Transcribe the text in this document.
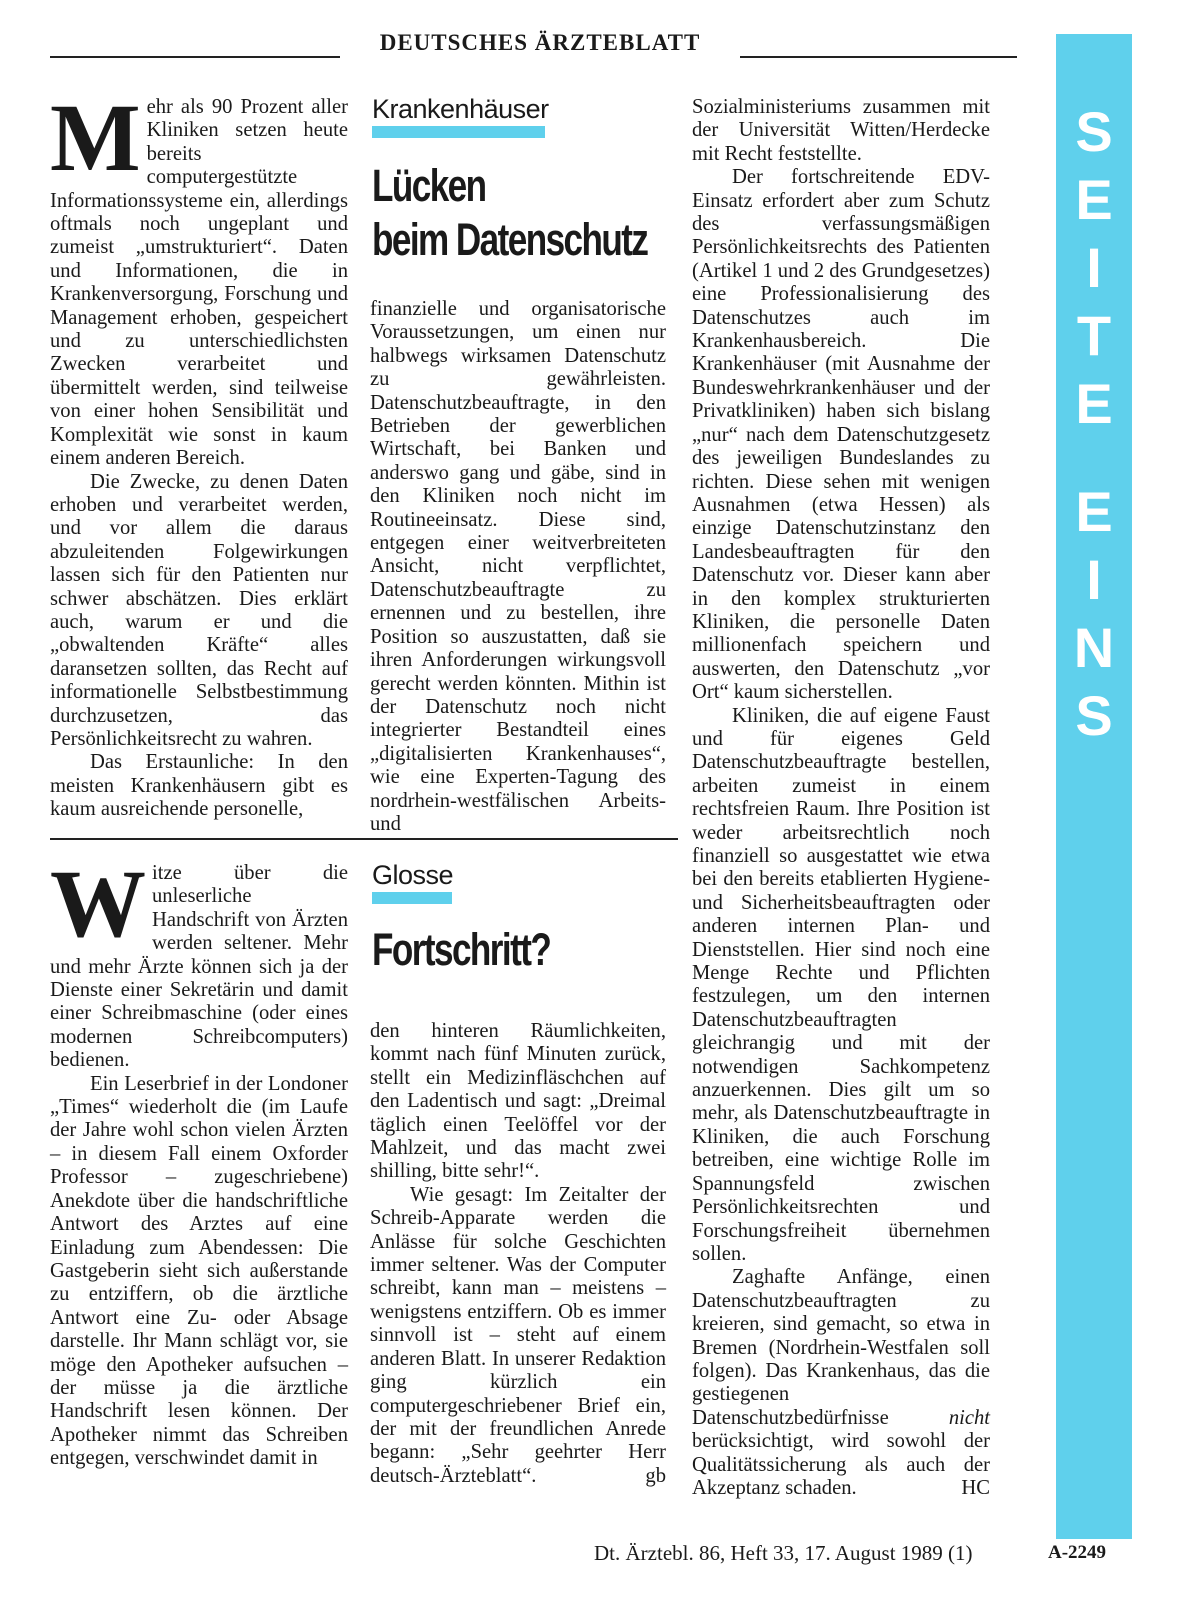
DEUTSCHES ÄRZTEBLATT
S
E
I
T
E
E
I
N
S
Krankenhäuser
Lücken
beim Datenschutz
M ehr als 90 Prozent aller Kliniken setzen heute bereits computergestützte Informationssysteme ein, allerdings oftmals noch ungeplant und zumeist „umstrukturiert“. Daten und Informationen, die in Krankenversorgung, Forschung und Management erhoben, gespeichert und zu unterschiedlichsten Zwecken verarbeitet und übermittelt werden, sind teilweise von einer hohen Sensibilität und Komplexität wie sonst in kaum einem anderen Bereich.

Die Zwecke, zu denen Daten erhoben und verarbeitet werden, und vor allem die daraus abzuleitenden Folgewirkungen lassen sich für den Patienten nur schwer abschätzen. Dies erklärt auch, warum er und die „obwaltenden Kräfte“ alles daransetzen sollten, das Recht auf informationelle Selbstbestimmung durchzusetzen, das Persönlichkeitsrecht zu wahren.

Das Erstaunliche: In den meisten Krankenhäusern gibt es kaum ausreichende personelle,

finanzielle und organisatorische Voraussetzungen, um einen nur halbwegs wirksamen Datenschutz zu gewährleisten. Datenschutzbeauftragte, in den Betrieben der gewerblichen Wirtschaft, bei Banken und anderswo gang und gäbe, sind in den Kliniken noch nicht im Routineeinsatz. Diese sind, entgegen einer weitverbreiteten Ansicht, nicht verpflichtet, Datenschutzbeauftragte zu ernennen und zu bestellen, ihre Position so auszustatten, daß sie ihren Anforderungen wirkungsvoll gerecht werden könnten. Mithin ist der Datenschutz noch nicht integrierter Bestandteil eines „digitalisierten Krankenhauses“, wie eine Experten-Tagung des nordrhein-westfälischen Arbeits- und

Sozialministeriums zusammen mit der Universität Witten/Herdecke mit Recht feststellte.

Der fortschreitende EDV-Einsatz erfordert aber zum Schutz des verfassungsmäßigen Persönlichkeitsrechts des Patienten (Artikel 1 und 2 des Grundgesetzes) eine Professionalisierung des Datenschutzes auch im Krankenhausbereich. Die Krankenhäuser (mit Ausnahme der Bundeswehrkrankenhäuser und der Privatkliniken) haben sich bislang „nur“ nach dem Datenschutzgesetz des jeweiligen Bundeslandes zu richten. Diese sehen mit wenigen Ausnahmen (etwa Hessen) als einzige Datenschutzinstanz den Landesbeauftragten für den Datenschutz vor. Dieser kann aber in den komplex strukturierten Kliniken, die personelle Daten millionenfach speichern und auswerten, den Datenschutz „vor Ort“ kaum sicherstellen.

Kliniken, die auf eigene Faust und für eigenes Geld Datenschutzbeauftragte bestellen, arbeiten zumeist in einem rechtsfreien Raum. Ihre Position ist weder arbeitsrechtlich noch finanziell so ausgestattet wie etwa bei den bereits etablierten Hygiene- und Sicherheitsbeauftragten oder anderen internen Plan- und Dienststellen. Hier sind noch eine Menge Rechte und Pflichten festzulegen, um den internen Datenschutzbeauftragten gleichrangig und mit der notwendigen Sachkompetenz anzuerkennen. Dies gilt um so mehr, als Datenschutzbeauftragte in Kliniken, die auch Forschung betreiben, eine wichtige Rolle im Spannungsfeld zwischen Persönlichkeitsrechten und Forschungsfreiheit übernehmen sollen.

Zaghafte Anfänge, einen Datenschutzbeauftragten zu kreieren, sind gemacht, so etwa in Bremen (Nordrhein-Westfalen soll folgen). Das Krankenhaus, das die gestiegenen Datenschutzbedürfnisse	nicht berücksichtigt, wird sowohl der Qualitätssicherung als auch der Akzeptanz schaden.	HC

Glosse
Fortschritt?
W itze über die unleserliche Handschrift von Ärzten werden seltener. Mehr und mehr Ärzte können sich ja der Dienste einer Sekretärin und damit einer Schreibmaschine (oder eines modernen Schreibcomputers) bedienen.

Ein Leserbrief in der Londoner „Times“ wiederholt die (im Laufe der Jahre wohl schon vielen Ärzten – in diesem Fall einem Oxforder Professor – zugeschriebene) Anekdote über die handschriftliche Antwort des Arztes auf eine Einladung zum Abendessen: Die Gastgeberin sieht sich außerstande zu entziffern, ob die ärztliche Antwort eine Zu- oder Absage darstelle. Ihr Mann schlägt vor, sie möge den Apotheker aufsuchen – der müsse ja die ärztliche Handschrift lesen können. Der Apotheker nimmt das Schreiben entgegen, verschwindet damit in

den hinteren Räumlichkeiten, kommt nach fünf Minuten zurück, stellt ein Medizinfläschchen auf den Ladentisch und sagt: „Dreimal täglich einen Teelöffel vor der Mahlzeit, und das macht zwei shilling, bitte sehr!“.

Wie gesagt: Im Zeitalter der Schreib-Apparate werden die Anlässe für solche Geschichten immer seltener. Was der Computer schreibt, kann man – meistens – wenigstens entziffern. Ob es immer sinnvoll ist – steht auf einem anderen Blatt. In unserer Redaktion ging kürzlich ein computergeschriebener Brief ein, der mit der freundlichen Anrede begann: „Sehr geehrter Herr deutsch-Ärzteblatt“.	gb

Dt. Ärztebl. 86, Heft 33, 17. August 1989 (1)	A-2249
